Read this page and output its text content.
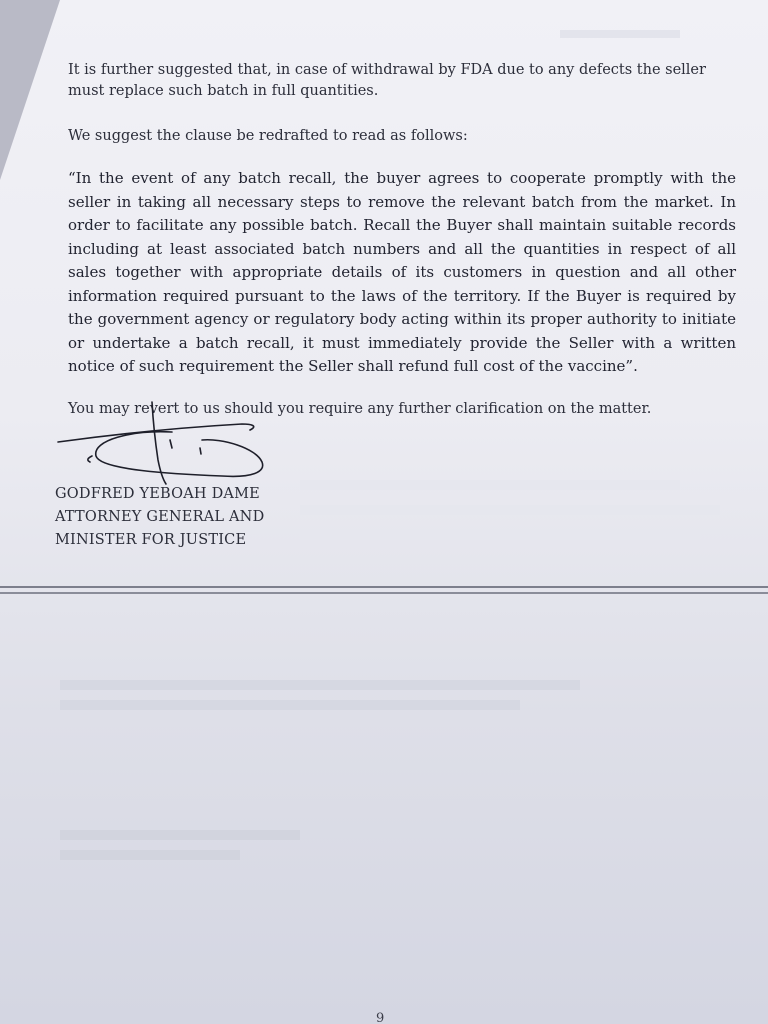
It is further suggested that, in case of withdrawal by FDA due to any defects the seller must replace such batch in full quantities.

We suggest the clause be redrafted to read as follows:

“In the event of any batch recall, the buyer agrees to cooperate promptly with the seller in taking all necessary steps to remove the relevant batch from the market. In order to facilitate any possible batch. Recall the Buyer shall maintain suitable records including at least associated batch numbers and all the quantities in respect of all sales together with appropriate details of its customers in question and all other information required pursuant to the laws of the territory. If the Buyer is required by the government agency or regulatory body acting within its proper authority to initiate or undertake a batch recall, it must immediately provide the Seller with a written notice of such requirement the Seller shall refund full cost of the vaccine”.

You may revert to us should you require any further clarification on the matter.

GODFRED YEBOAH DAME
ATTORNEY GENERAL AND
MINISTER FOR JUSTICE
9
